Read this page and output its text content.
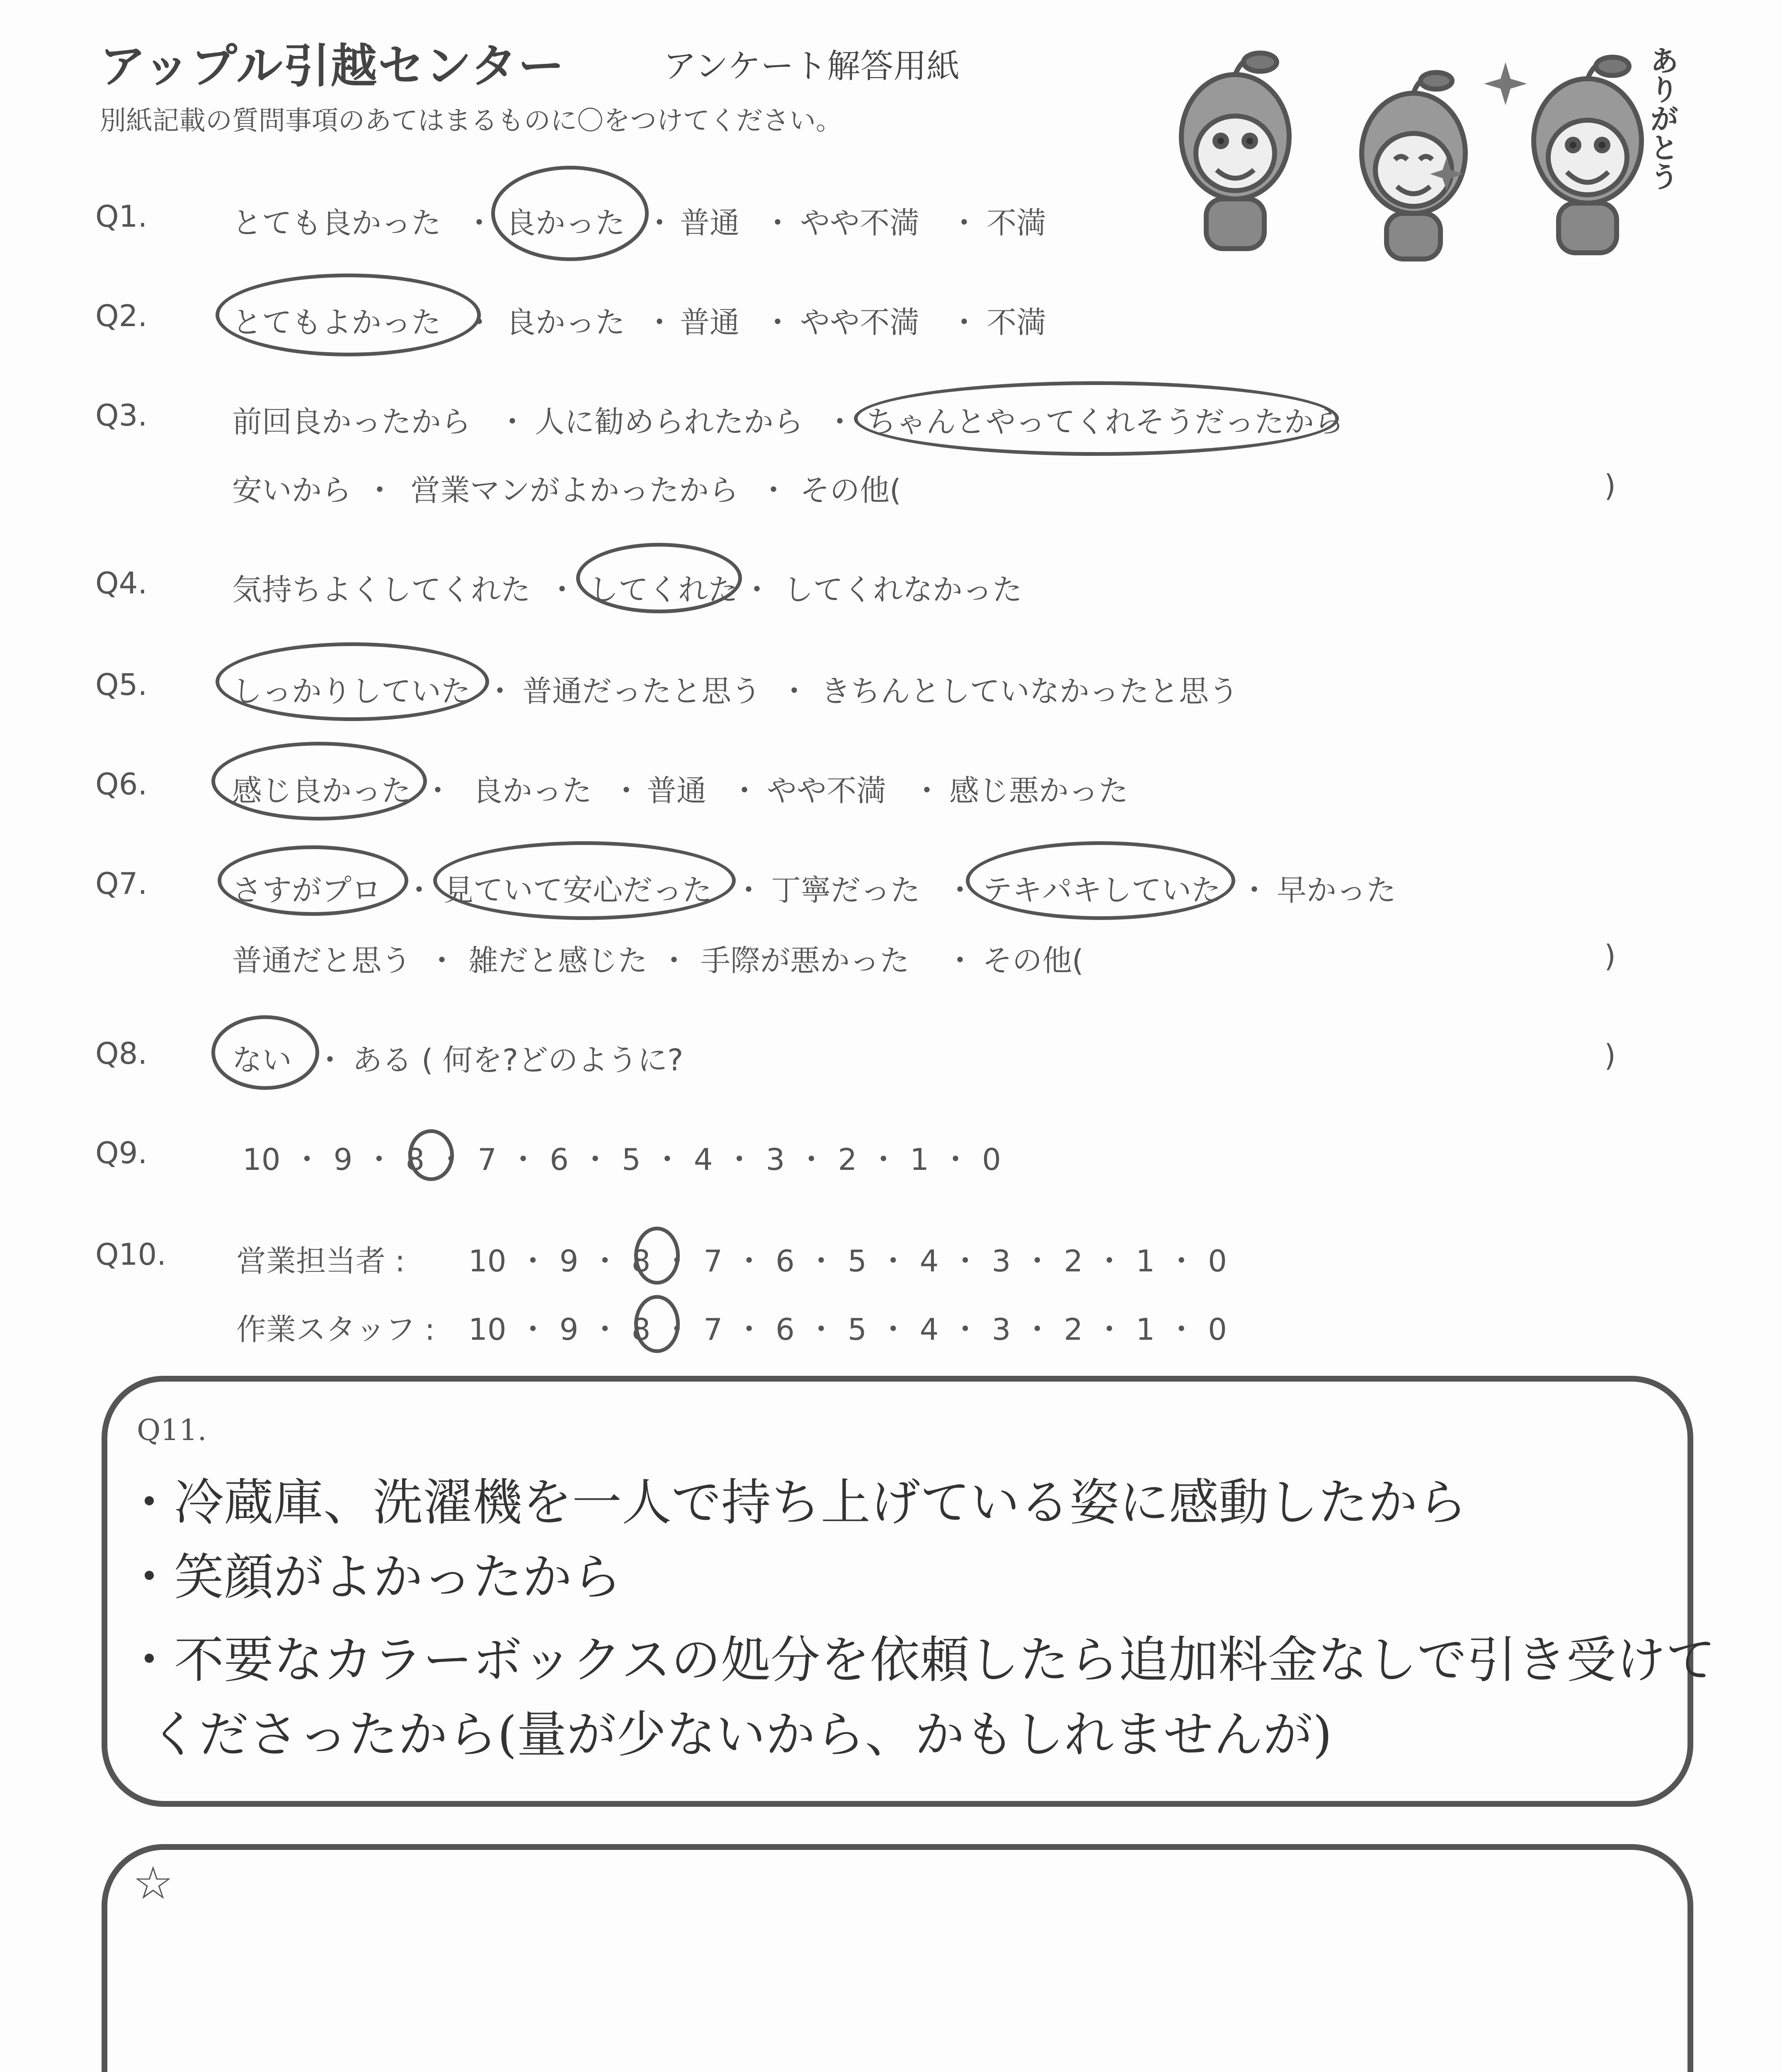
アップル引越センター	アンケート解答用紙
別紙記載の質問事項のあてはまるものに〇をつけてください。	ありがとう
Q1.	とても良かった ・ 良かった ・ 普通 ・ やや不満 ・ 不満
Q2.	とてもよかった ・ 良かった ・ 普通 ・ やや不満 ・ 不満
Q3.	前回良かったから ・ 人に勧められたから ・ ちゃんとやってくれそうだったから
安いから ・ 営業マンがよかったから ・ その他(	)
Q4.	気持ちよくしてくれた ・ してくれた ・ してくれなかった
Q5.	しっかりしていた ・ 普通だったと思う ・ きちんとしていなかったと思う
Q6.	感じ良かった ・ 良かった ・ 普通 ・ やや不満 ・ 感じ悪かった
Q7.	さすがプロ ・ 見ていて安心だった ・ 丁寧だった ・ テキパキしていた ・ 早かった
普通だと思う ・ 雑だと感じた ・ 手際が悪かった ・ その他(	)
Q8.	ない ・ ある ( 何を?どのように?	)
Q9.	10 ・ 9 ・ 8 ・ 7 ・ 6 ・ 5 ・ 4 ・ 3 ・ 2 ・ 1 ・ 0
Q10. 営業担当者 : 10 ・ 9 ・ 8 ・ 7 ・ 6 ・ 5 ・ 4 ・ 3 ・ 2 ・ 1 ・ 0
作業スタッフ : 10 ・ 9 ・ 8 ・ 7 ・ 6 ・ 5 ・ 4 ・ 3 ・ 2 ・ 1 ・ 0
Q11.
・冷蔵庫、洗濯機を一人で持ち上げている姿に感動したから
・笑顔がよかったから
・不要なカラーボックスの処分を依頼したら追加料金なしで引き受けて
くださったから(量が少ないから、かもしれませんが)
☆
